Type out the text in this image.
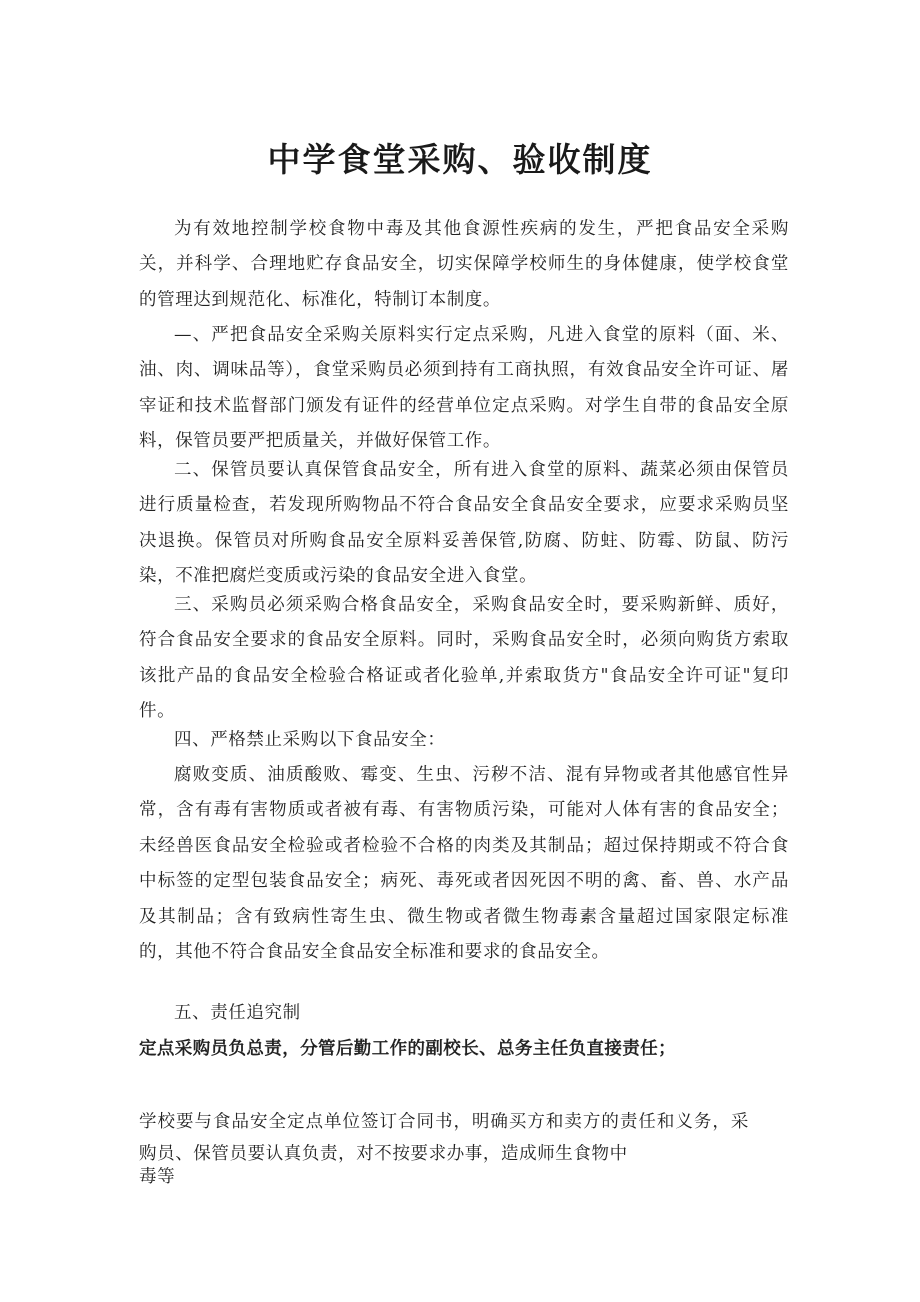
中学食堂采购、验收制度

为有效地控制学校食物中毒及其他食源性疾病的发生，严把食品安全采购关，并科学、合理地贮存食品安全，切实保障学校师生的身体健康，使学校食堂的管理达到规范化、标准化，特制订本制度。

—、严把食品安全采购关原料实行定点采购，凡进入食堂的原料（面、米、油、肉、调味品等），食堂采购员必须到持有工商执照，有效食品安全许可证、屠宰证和技术监督部门颁发有证件的经营单位定点采购。对学生自带的食品安全原料，保管员要严把质量关，并做好保管工作。

二、保管员要认真保管食品安全，所有进入食堂的原料、蔬菜必须由保管员进行质量检查，若发现所购物品不符合食品安全食品安全要求，应要求采购员坚决退换。保管员对所购食品安全原料妥善保管,防腐、防蛀、防霉、防鼠、防污染，不准把腐烂变质或污染的食品安全进入食堂。

三、采购员必须采购合格食品安全，采购食品安全时，要采购新鲜、质好，符合食品安全要求的食品安全原料。同时，采购食品安全时，必须向购货方索取该批产品的食品安全检验合格证或者化验单,并索取货方"食品安全许可证"复印件。

四、严格禁止采购以下食品安全：

腐败变质、油质酸败、霉变、生虫、污秽不洁、混有异物或者其他感官性异常，含有毒有害物质或者被有毒、有害物质污染，可能对人体有害的食品安全；未经兽医食品安全检验或者检验不合格的肉类及其制品；超过保持期或不符合食中标签的定型包装食品安全；病死、毒死或者因死因不明的禽、畜、兽、水产品及其制品；含有致病性寄生虫、微生物或者微生物毒素含量超过国家限定标准的，其他不符合食品安全食品安全标准和要求的食品安全。

五、责任追究制

定点采购员负总责，分管后勤工作的副校长、总务主任负直接责任；

学校要与食品安全定点单位签订合同书，明确买方和卖方的责任和义务，采购员、保管员要认真负责，对不按要求办事，造成师生食物中

毒等
